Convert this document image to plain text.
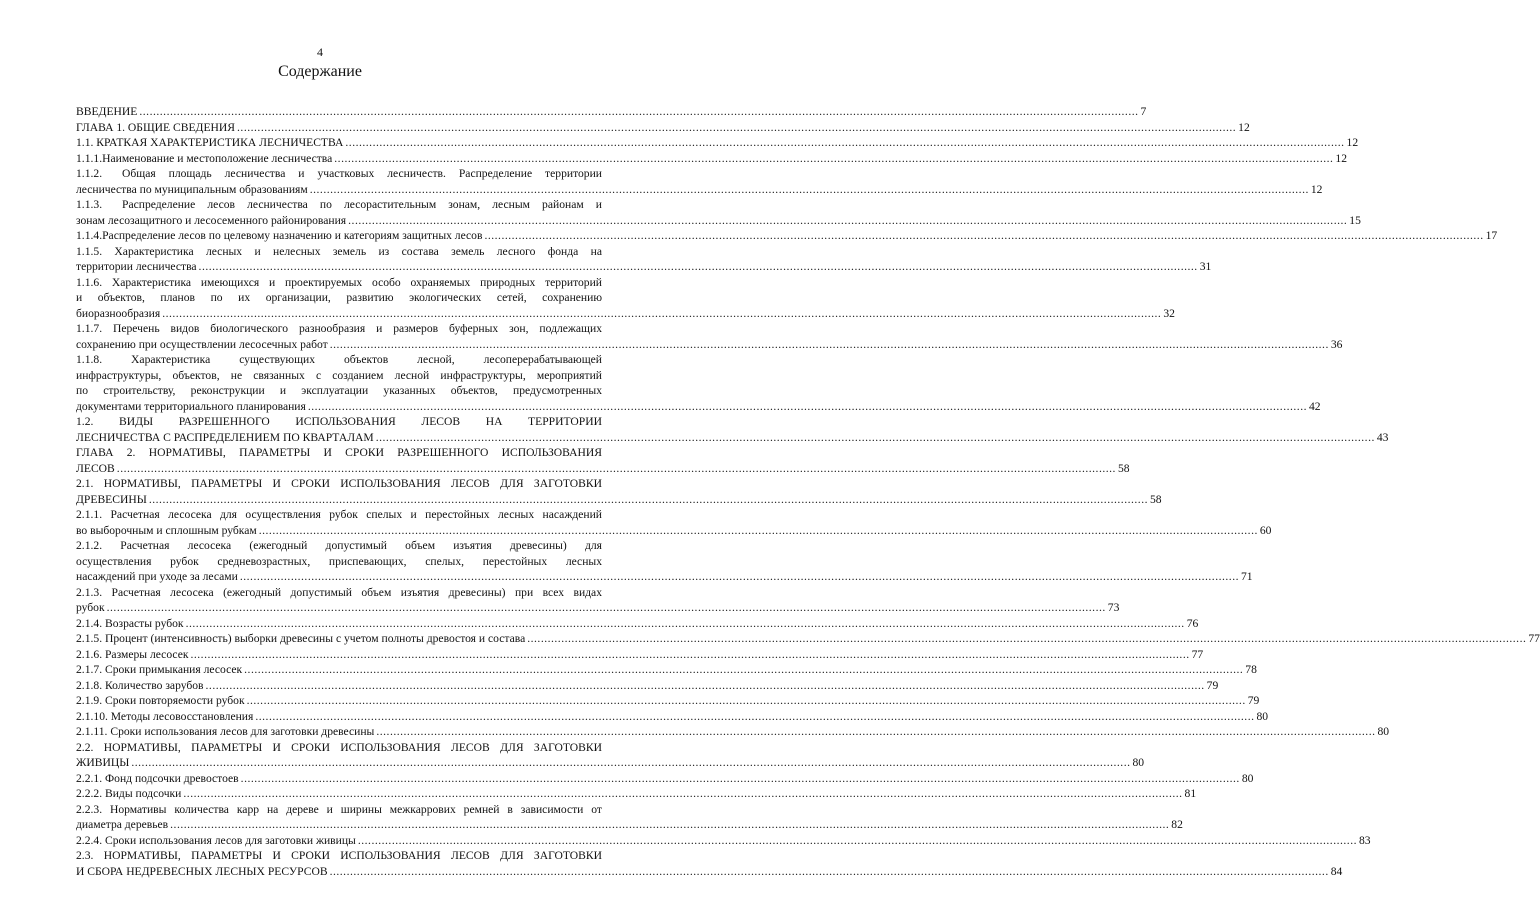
4
Содержание
ВВЕДЕНИЕ .....	7
ГЛАВА 1. ОБЩИЕ СВЕДЕНИЯ .....	12
1.1. КРАТКАЯ ХАРАКТЕРИСТИКА ЛЕСНИЧЕСТВА .....	12
1.1.1. Наименование и местоположение лесничества .....	12
1.1.2. Общая площадь лесничества и участковых лесничеств. Распределение территории
лесничества по муниципальным образованиям .....	12
1.1.3. Распределение лесов лесничества по лесорастительным зонам, лесным районам и
зонам лесозащитного и лесосеменного районирования .....	15
1.1.4. Распределение лесов по целевому назначению и категориям защитных лесов .....	17
1.1.5. Характеристика лесных и нелесных земель из состава земель лесного фонда на
территории лесничества .....	31
1.1.6. Характеристика имеющихся и проектируемых особо охраняемых природных территорий
и объектов, планов по их организации, развитию экологических сетей, сохранению
биоразнообразия .....	32
1.1.7. Перечень видов биологического разнообразия и размеров буферных зон, подлежащих
сохранению при осуществлении лесосечных работ .....	36
1.1.8. Характеристика существующих объектов лесной, лесоперерабатывающей
инфраструктуры, объектов, не связанных с созданием лесной инфраструктуры, мероприятий
по строительству, реконструкции и эксплуатации указанных объектов, предусмотренных
документами территориального планирования .....	42
1.2. ВИДЫ РАЗРЕШЕННОГО ИСПОЛЬЗОВАНИЯ ЛЕСОВ НА ТЕРРИТОРИИ
ЛЕСНИЧЕСТВА С РАСПРЕДЕЛЕНИЕМ ПО КВАРТАЛАМ .....	43
ГЛАВА 2. НОРМАТИВЫ, ПАРАМЕТРЫ И СРОКИ РАЗРЕШЕННОГО ИСПОЛЬЗОВАНИЯ
ЛЕСОВ .....	58
2.1. НОРМАТИВЫ, ПАРАМЕТРЫ И СРОКИ ИСПОЛЬЗОВАНИЯ ЛЕСОВ ДЛЯ ЗАГОТОВКИ
ДРЕВЕСИНЫ .....	58
2.1.1. Расчетная лесосека для осуществления рубок спелых и перестойных лесных насаждений
во выборочным и сплошным рубкам .....	60
2.1.2. Расчетная лесосека (ежегодный допустимый объем изъятия древесины) для
осуществления рубок средневозрастных, приспевающих, спелых, перестойных лесных
насаждений при уходе за лесами .....	71
2.1.3. Расчетная лесосека (ежегодный допустимый объем изъятия древесины) при всех видах
рубок .....	73
2.1.4. Возрасты рубок .....	76
2.1.5. Процент (интенсивность) выборки древесины с учетом полноты древостоя и состава .....	77
2.1.6. Размеры лесосек .....	77
2.1.7. Сроки примыкания лесосек .....	78
2.1.8. Количество зарубов .....	79
2.1.9. Сроки повторяемости рубок .....	79
2.1.10. Методы лесовосстановления .....	80
2.1.11. Сроки использования лесов для заготовки древесины .....	80
2.2. НОРМАТИВЫ, ПАРАМЕТРЫ И СРОКИ ИСПОЛЬЗОВАНИЯ ЛЕСОВ ДЛЯ ЗАГОТОВКИ
ЖИВИЦЫ .....	80
2.2.1. Фонд подсочки древостоев .....	80
2.2.2. Виды подсочки .....	81
2.2.3. Нормативы количества карр на дереве и ширины межкаррових ремней в зависимости от
диаметра деревьев .....	82
2.2.4. Сроки использования лесов для заготовки живицы .....	83
2.3. НОРМАТИВЫ, ПАРАМЕТРЫ И СРОКИ ИСПОЛЬЗОВАНИЯ ЛЕСОВ ДЛЯ ЗАГОТОВКИ
И СБОРА НЕДРЕВЕСНЫХ ЛЕСНЫХ РЕСУРСОВ .....	84
